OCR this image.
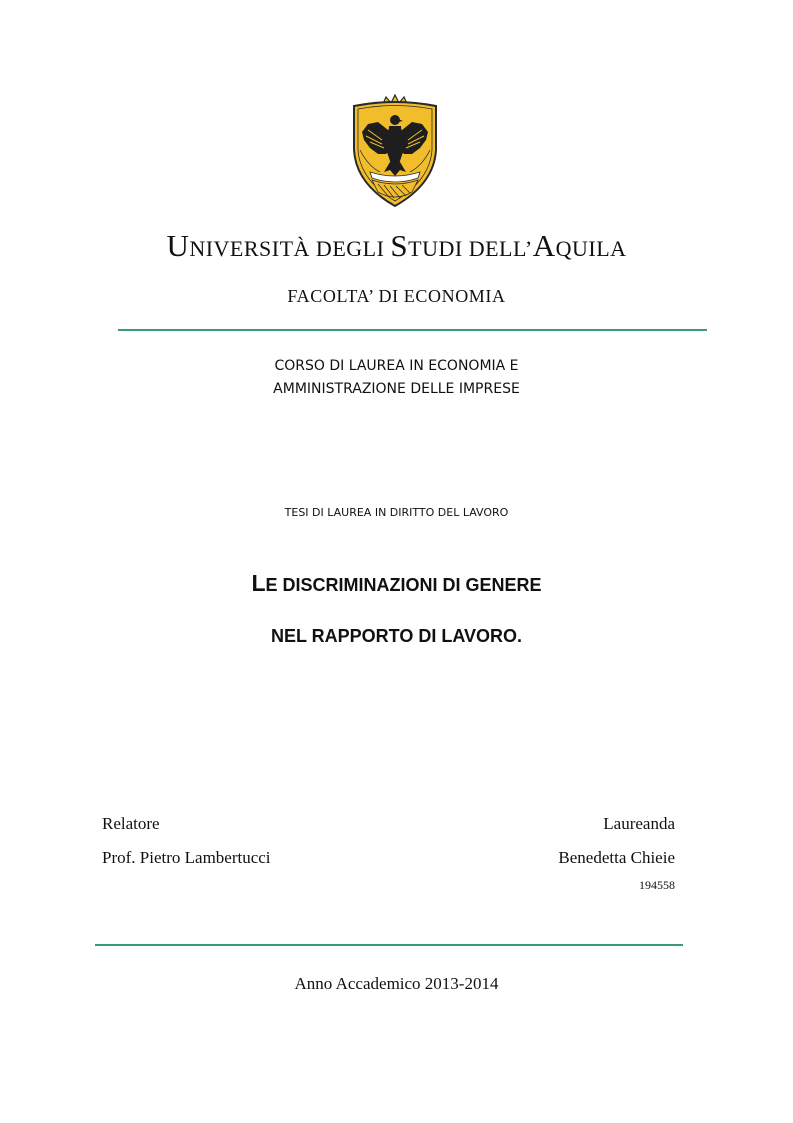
UNIVERSITÀ DEGLI STUDI DELL’AQUILA
FACOLTA’ DI ECONOMIA
CORSO DI LAUREA IN ECONOMIA E
AMMINISTRAZIONE DELLE IMPRESE
TESI DI LAUREA IN DIRITTO DEL LAVORO
LE DISCRIMINAZIONI DI GENERE
NEL RAPPORTO DI LAVORO.
Relatore
Prof. Pietro Lambertucci
Laureanda
Benedetta Chieie
194558
Anno Accademico 2013-2014
